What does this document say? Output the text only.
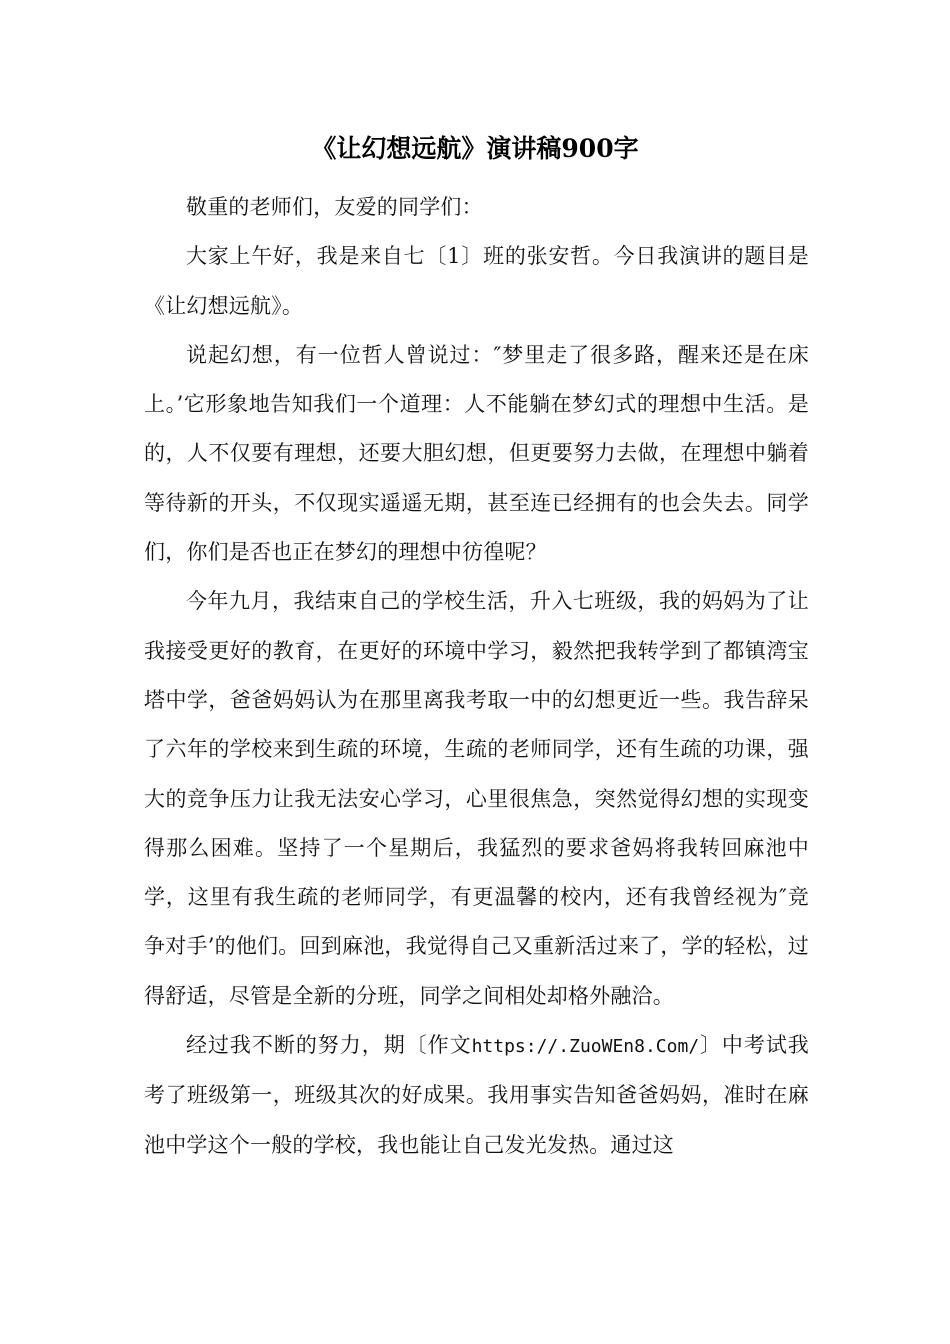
《让幻想远航》演讲稿900字

敬重的老师们，友爱的同学们：

大家上午好，我是来自七〔1〕班的张安哲。今日我演讲的题目是《让幻想远航》。

说起幻想，有一位哲人曾说过：″梦里走了很多路，醒来还是在床上。’它形象地告知我们一个道理：人不能躺在梦幻式的理想中生活。是的，人不仅要有理想，还要大胆幻想，但更要努力去做，在理想中躺着等待新的开头，不仅现实遥遥无期，甚至连已经拥有的也会失去。同学们，你们是否也正在梦幻的理想中彷徨呢？

今年九月，我结束自己的学校生活，升入七班级，我的妈妈为了让我接受更好的教育，在更好的环境中学习，毅然把我转学到了都镇湾宝塔中学，爸爸妈妈认为在那里离我考取一中的幻想更近一些。我告辞呆了六年的学校来到生疏的环境，生疏的老师同学，还有生疏的功课，强大的竞争压力让我无法安心学习，心里很焦急，突然觉得幻想的实现变得那么困难。坚持了一个星期后，我猛烈的要求爸妈将我转回麻池中学，这里有我生疏的老师同学，有更温馨的校内，还有我曾经视为″竞争对手’的他们。回到麻池，我觉得自己又重新活过来了，学的轻松，过得舒适，尽管是全新的分班，同学之间相处却格外融洽。

经过我不断的努力，期〔作文https://.ZuoWEn8.Com/〕中考试我考了班级第一，班级其次的好成果。我用事实告知爸爸妈妈，准时在麻池中学这个一般的学校，我也能让自己发光发热。通过这
